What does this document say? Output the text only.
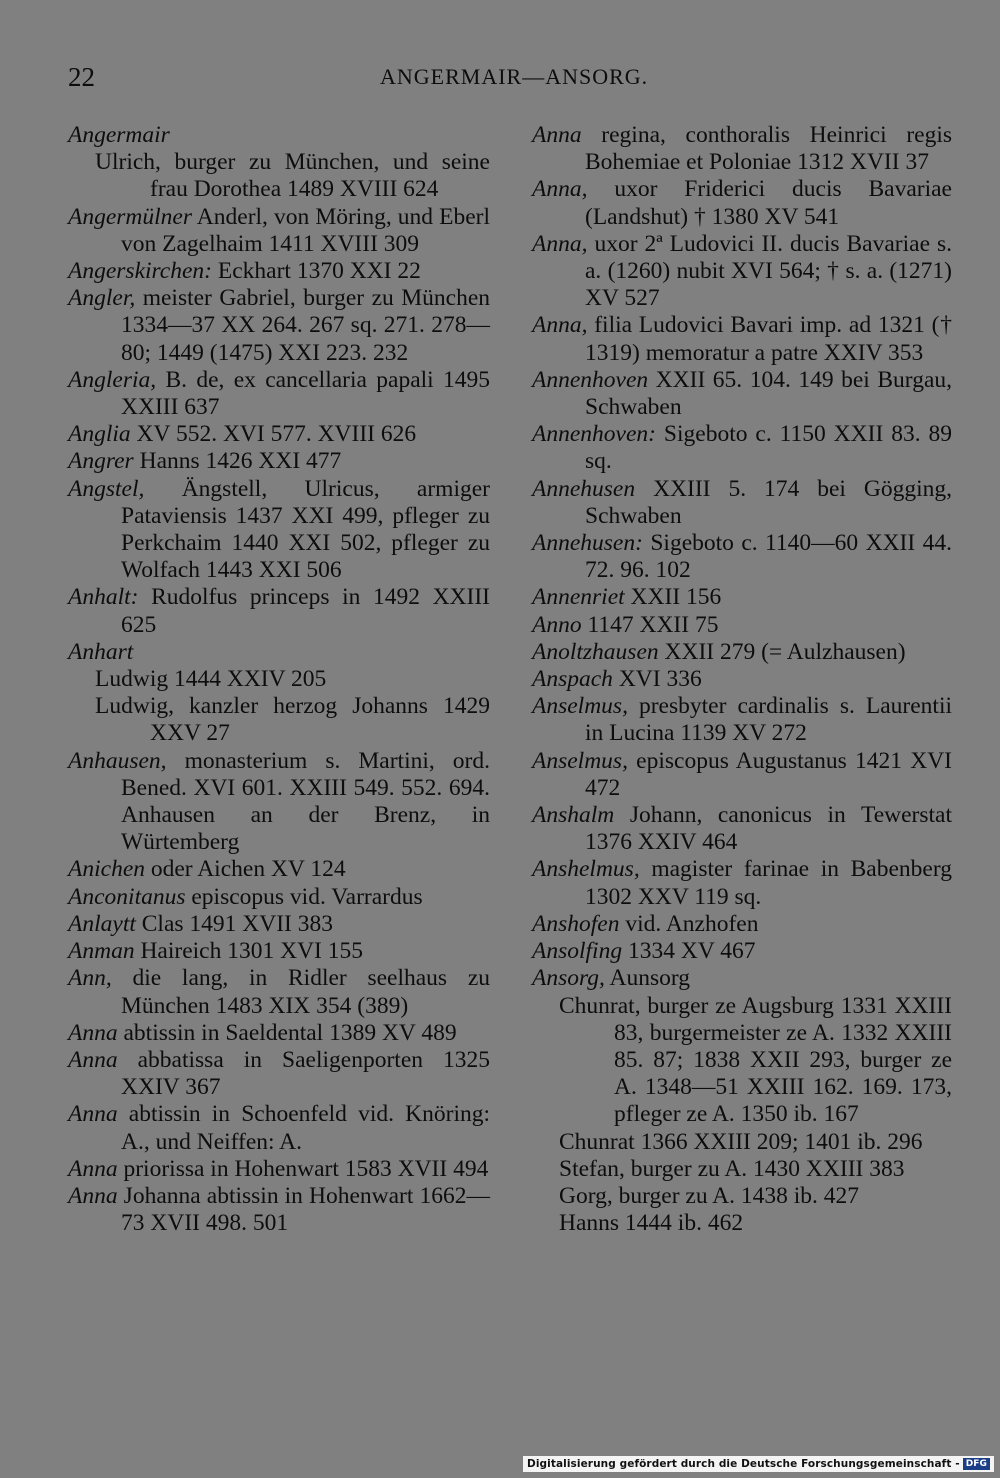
22	ANGERMAIR—ANSORG.

Angermair

Ulrich, burger zu München, und seine frau Dorothea 1489 XVIII 624

Angermülner Anderl, von Möring, und Eberl von Zagelhaim 1411 XVIII 309

Angerskirchen: Eckhart 1370 XXI 22

Angler, meister Gabriel, burger zu München 1334—37 XX 264. 267 sq. 271. 278—80; 1449 (1475) XXI 223. 232

Angleria, B. de, ex cancellaria papali 1495 XXIII 637

Anglia XV 552. XVI 577. XVIII 626

Angrer Hanns 1426 XXI 477

Angstel, Ängstell, Ulricus, armiger Pataviensis 1437 XXI 499, pfleger zu Perkchaim 1440 XXI 502, pfleger zu Wolfach 1443 XXI 506

Anhalt: Rudolfus princeps in 1492 XXIII 625

Anhart

Ludwig 1444 XXIV 205

Ludwig, kanzler herzog Johanns 1429 XXV 27

Anhausen, monasterium s. Martini, ord. Bened. XVI 601. XXIII 549. 552. 694. Anhausen an der Brenz, in Würtemberg

Anichen oder Aichen XV 124

Anconitanus episcopus vid. Varrardus

Anlaytt Clas 1491 XVII 383

Anman Haireich 1301 XVI 155

Ann, die lang, in Ridler seelhaus zu München 1483 XIX 354 (389)

Anna abtissin in Saeldental 1389 XV 489

Anna abbatissa in Saeligenporten 1325 XXIV 367

Anna abtissin in Schoenfeld vid. Knöring: A., und Neiffen: A.

Anna priorissa in Hohenwart 1583 XVII 494

Anna Johanna abtissin in Hohenwart 1662—73 XVII 498. 501

Anna regina, conthoralis Heinrici regis Bohemiae et Poloniae 1312 XVII 37

Anna, uxor Friderici ducis Bavariae (Landshut) † 1380 XV 541

Anna, uxor 2ª Ludovici II. ducis Bavariae s. a. (1260) nubit XVI 564; † s. a. (1271) XV 527

Anna, filia Ludovici Bavari imp. ad 1321 († 1319) memoratur a patre XXIV 353

Annenhoven XXII 65. 104. 149 bei Burgau, Schwaben

Annenhoven: Sigeboto c. 1150 XXII 83. 89 sq.

Annehusen XXIII 5. 174 bei Gögging, Schwaben

Annehusen: Sigeboto c. 1140—60 XXII 44. 72. 96. 102

Annenriet XXII 156

Anno 1147 XXII 75

Anoltzhausen XXII 279 (= Aulzhausen)

Anspach XVI 336

Anselmus, presbyter cardinalis s. Laurentii in Lucina 1139 XV 272

Anselmus, episcopus Augustanus 1421 XVI 472

Anshalm Johann, canonicus in Tewerstat 1376 XXIV 464

Anshelmus, magister farinae in Babenberg 1302 XXV 119 sq.

Anshofen vid. Anzhofen

Ansolfing 1334 XV 467

Ansorg, Aunsorg

Chunrat, burger ze Augsburg 1331 XXIII 83, burgermeister ze A. 1332 XXIII 85. 87; 1838 XXII 293, burger ze A. 1348—51 XXIII 162. 169. 173, pfleger ze A. 1350 ib. 167

Chunrat 1366 XXIII 209; 1401 ib. 296

Stefan, burger zu A. 1430 XXIII 383

Gorg, burger zu A. 1438 ib. 427

Hanns 1444 ib. 462

Digitalisierung gefördert durch die Deutsche Forschungsgemeinschaft - DFG
